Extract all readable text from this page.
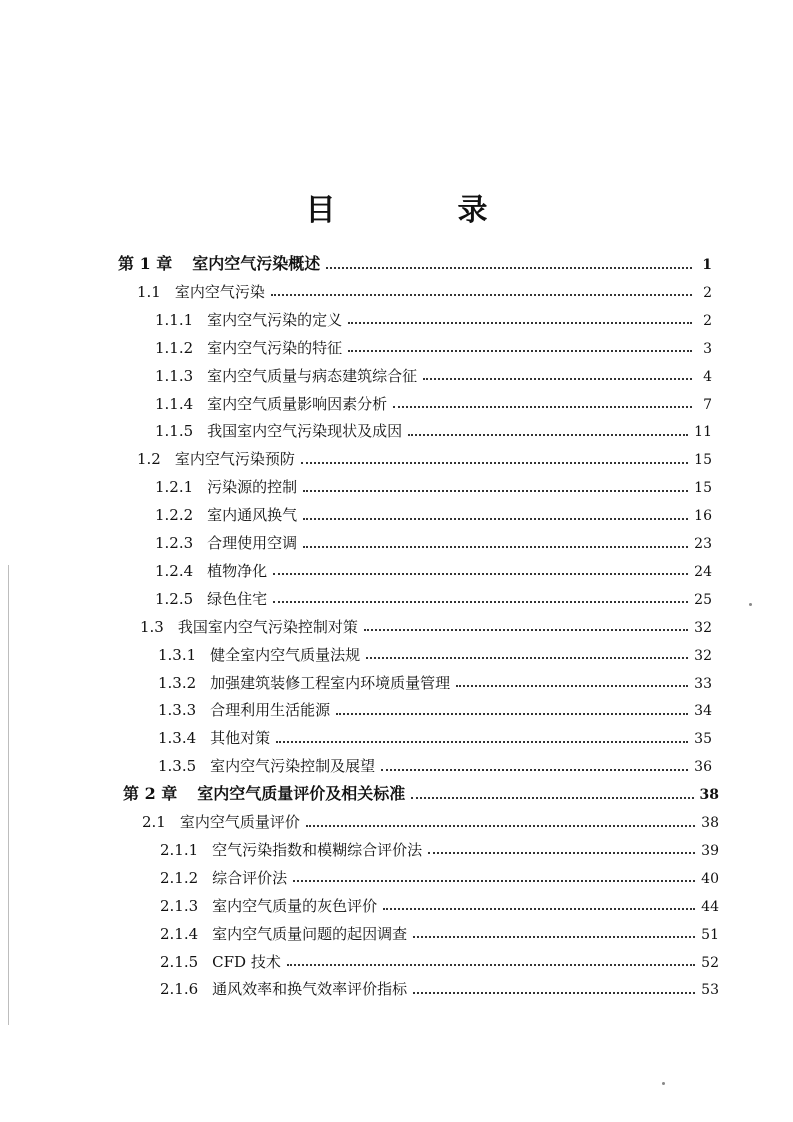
目　录
第 1 章 室内空气污染概述	1
1.1 室内空气污染	2
1.1.1 室内空气污染的定义	2
1.1.2 室内空气污染的特征	3
1.1.3 室内空气质量与病态建筑综合征	4
1.1.4 室内空气质量影响因素分析	7
1.1.5 我国室内空气污染现状及成因	11
1.2 室内空气污染预防	15
1.2.1 污染源的控制	15
1.2.2 室内通风换气	16
1.2.3 合理使用空调	23
1.2.4 植物净化	24
1.2.5 绿色住宅	25
1.3 我国室内空气污染控制对策	32
1.3.1 健全室内空气质量法规	32
1.3.2 加强建筑装修工程室内环境质量管理	33
1.3.3 合理利用生活能源	34
1.3.4 其他对策	35
1.3.5 室内空气污染控制及展望	36
第 2 章 室内空气质量评价及相关标准	38
2.1 室内空气质量评价	38
2.1.1 空气污染指数和模糊综合评价法	39
2.1.2 综合评价法	40
2.1.3 室内空气质量的灰色评价	44
2.1.4 室内空气质量问题的起因调查	51
2.1.5 CFD 技术	52
2.1.6 通风效率和换气效率评价指标	53
